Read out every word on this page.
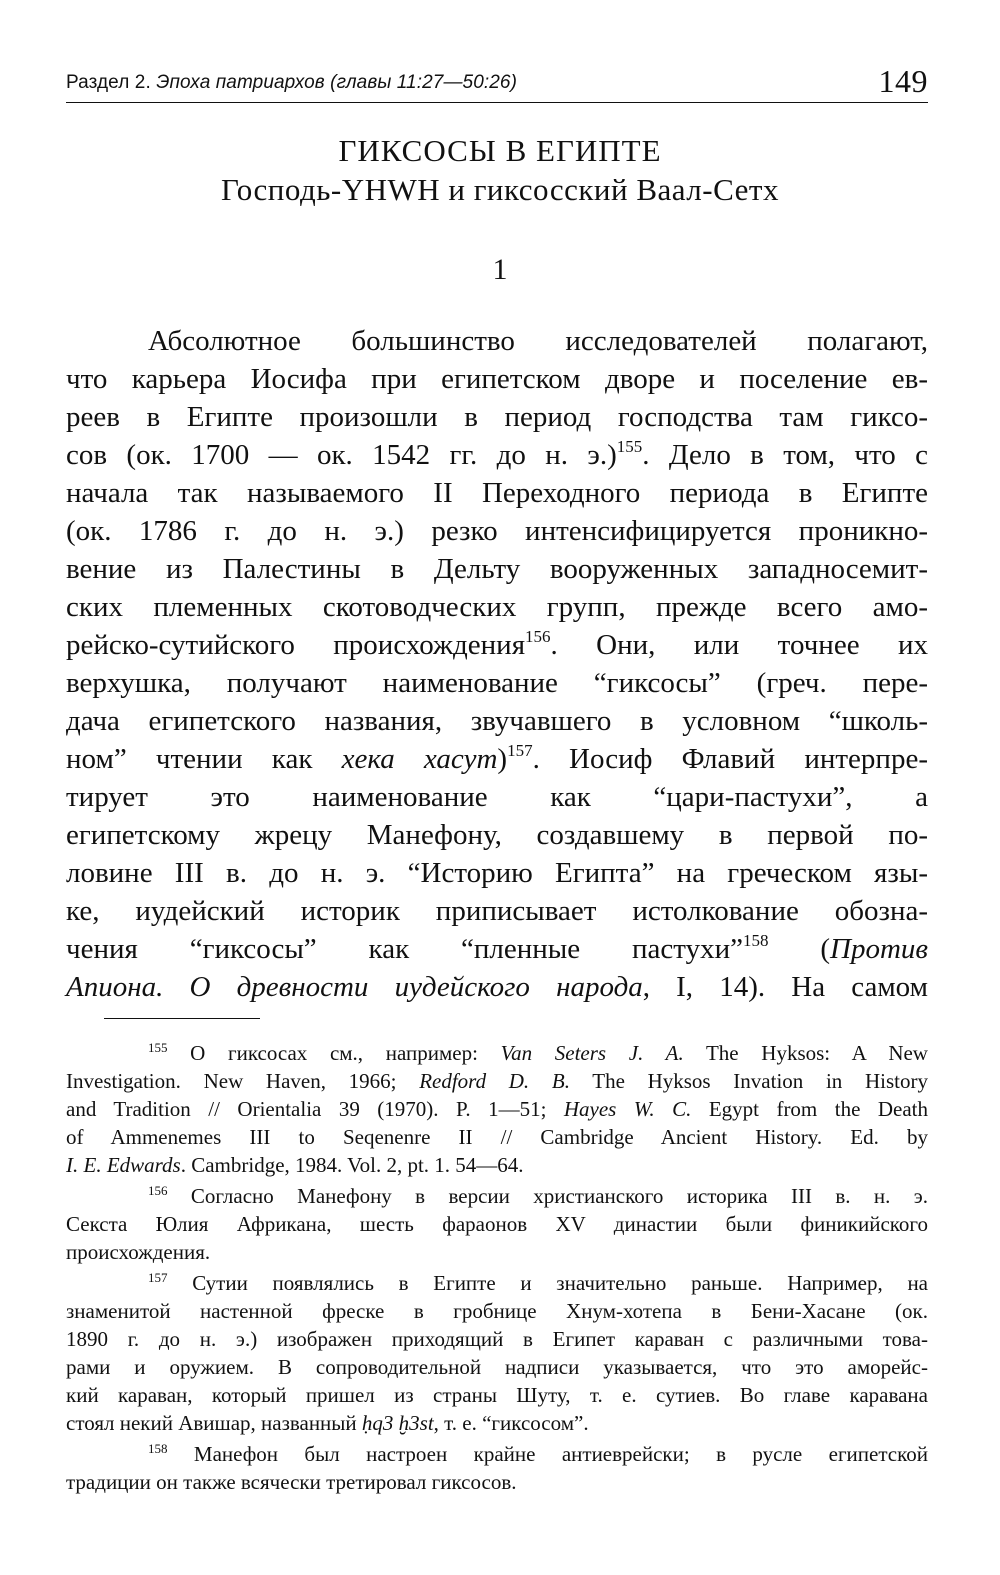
Раздел 2. Эпоха патриархов (главы 11:27—50:26)	149
ГИКСОСЫ В ЕГИПТЕ
Господь-YHWH и гиксосский Ваал-Сетх
1
Абсолютное большинство исследователей полагают,
что карьера Иосифа при египетском дворе и поселение ев-
реев в Египте произошли в период господства там гиксо-
сов (ок. 1700 — ок. 1542 гг. до н. э.)$^{155}$. Дело в том, что с
начала так называемого II Переходного периода в Египте
(ок. 1786 г. до н. э.) резко интенсифицируется проникно-
вение из Палестины в Дельту вооруженных западносемит-
ских племенных скотоводческих групп, прежде всего амо-
рейско-сутийского происхождения$^{156}$. Они, или точнее их
верхушка, получают наименование “гиксосы” (греч. пере-
дача египетского названия, звучавшего в условном “школь-
ном” чтении как хека хасут)$^{157}$. Иосиф Флавий интерпре-
тирует это наименование как “цари-пастухи”, а
египетскому жрецу Манефону, создавшему в первой по-
ловине III в. до н. э. “Историю Египта” на греческом язы-
ке, иудейский историк приписывает истолкование обозна-
чения “гиксосы” как “пленные пастухи”$^{158}$ (Против
Апиона. О древности иудейского народа, I, 14). На самом
$^{155}$ О гиксосах см., например: Van Seters J. A. The Hyksos: A New
Investigation. New Haven, 1966; Redford D. B. The Hyksos Invation in History
and Tradition // Orientalia 39 (1970). P. 1—51; Hayes W. C. Egypt from the Death
of Ammenemes III to Seqenenre II // Cambridge Ancient History. Ed. by
I. E. Edwards. Cambridge, 1984. Vol. 2, pt. 1. 54—64.
$^{156}$ Согласно Манефону в версии христианского историка III в. н. э.
Секста Юлия Африкана, шесть фараонов XV династии были финикийского
происхождения.
$^{157}$ Сутии появлялись в Египте и значительно раньше. Например, на
знаменитой настенной фреске в гробнице Хнум-хотепа в Бени-Хасане (ок.
1890 г. до н. э.) изображен приходящий в Египет караван с различными това-
рами и оружием. В сопроводительной надписи указывается, что это аморейс-
кий караван, который пришел из страны Шуту, т. е. сутиев. Во главе каравана
стоял некий Авишар, названный ḥq3 ḫ3st, т. е. “гиксосом”.
$^{158}$ Манефон был настроен крайне антиеврейски; в русле египетской
традиции он также всячески третировал гиксосов.
